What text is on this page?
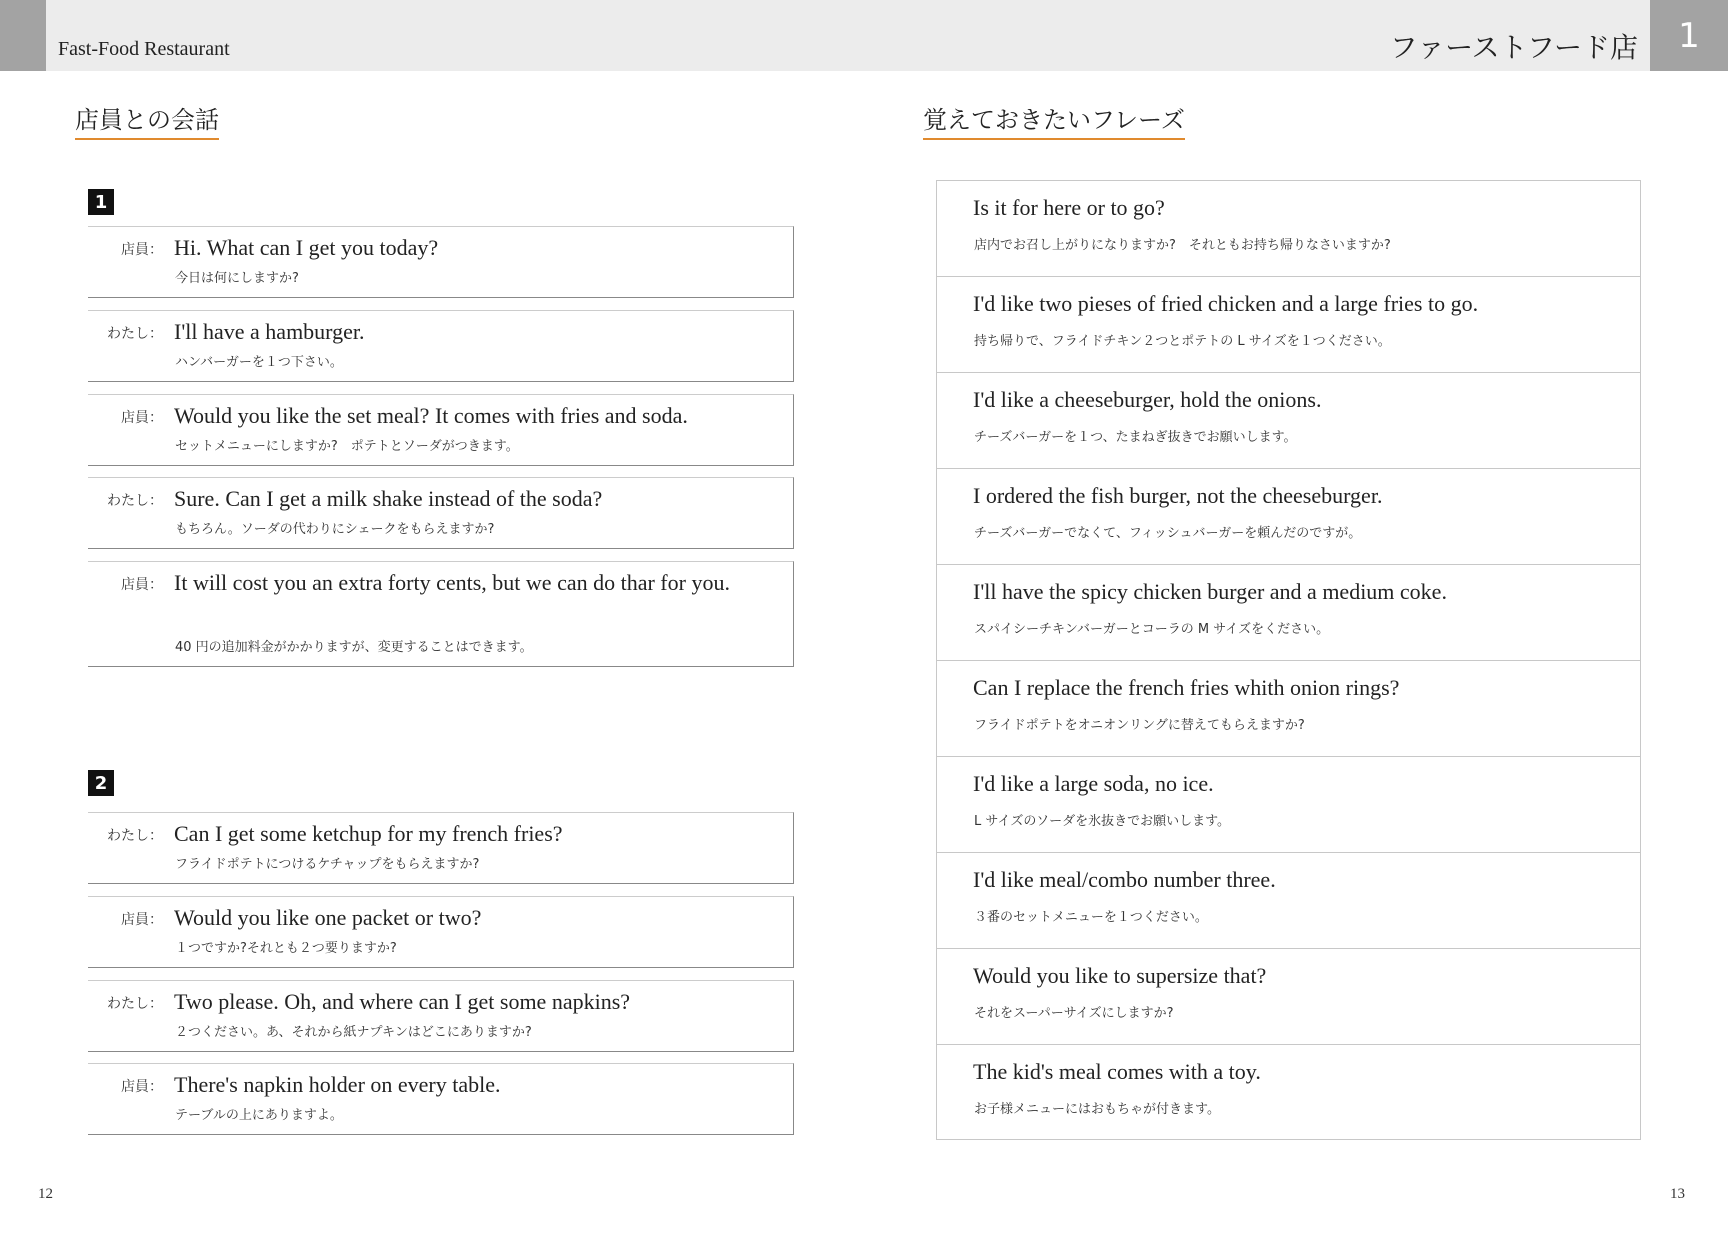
Fast-Food Restaurant	ファーストフード店	1
店員との会話
1
店員： Hi. What can I get you today?
今日は何にしますか?
わたし： I'll have a hamburger.
ハンバーガーを１つ下さい。
店員： Would you like the set meal? It comes with fries and soda.
セットメニューにしますか?　ポテトとソーダがつきます。
わたし： Sure. Can I get a milk shake instead of the soda?
もちろん。ソーダの代わりにシェークをもらえますか?
店員： It will cost you an extra forty cents, but we can do thar for you.
40 円の追加料金がかかりますが、変更することはできます。
2
わたし： Can I get some ketchup for my french fries?
フライドポテトにつけるケチャップをもらえますか?
店員： Would you like one packet or two?
１つですか?それとも２つ要りますか?
わたし： Two please. Oh, and where can I get some napkins?
２つください。あ、それから紙ナプキンはどこにありますか?
店員： There's napkin holder on every table.
テーブルの上にありますよ。
12
覚えておきたいフレーズ
Is it for here or to go?
店内でお召し上がりになりますか?　それともお持ち帰りなさいますか?
I'd like two pieses of fried chicken and a large fries to go.
持ち帰りで、フライドチキン２つとポテトの L サイズを１つください。
I'd like a cheeseburger, hold the onions.
チーズバーガーを１つ、たまねぎ抜きでお願いします。
I ordered the fish burger, not the cheeseburger.
チーズバーガーでなくて、フィッシュバーガーを頼んだのですが。
I'll have the spicy chicken burger and a medium coke.
スパイシーチキンバーガーとコーラの M サイズをください。
Can I replace the french fries whith onion rings?
フライドポテトをオニオンリングに替えてもらえますか?
I'd like a large soda, no ice.
L サイズのソーダを氷抜きでお願いします。
I'd like meal/combo number three.
３番のセットメニューを１つください。
Would you like to supersize that?
それをスーパーサイズにしますか?
The kid's meal comes with a toy.
お子様メニューにはおもちゃが付きます。
13
